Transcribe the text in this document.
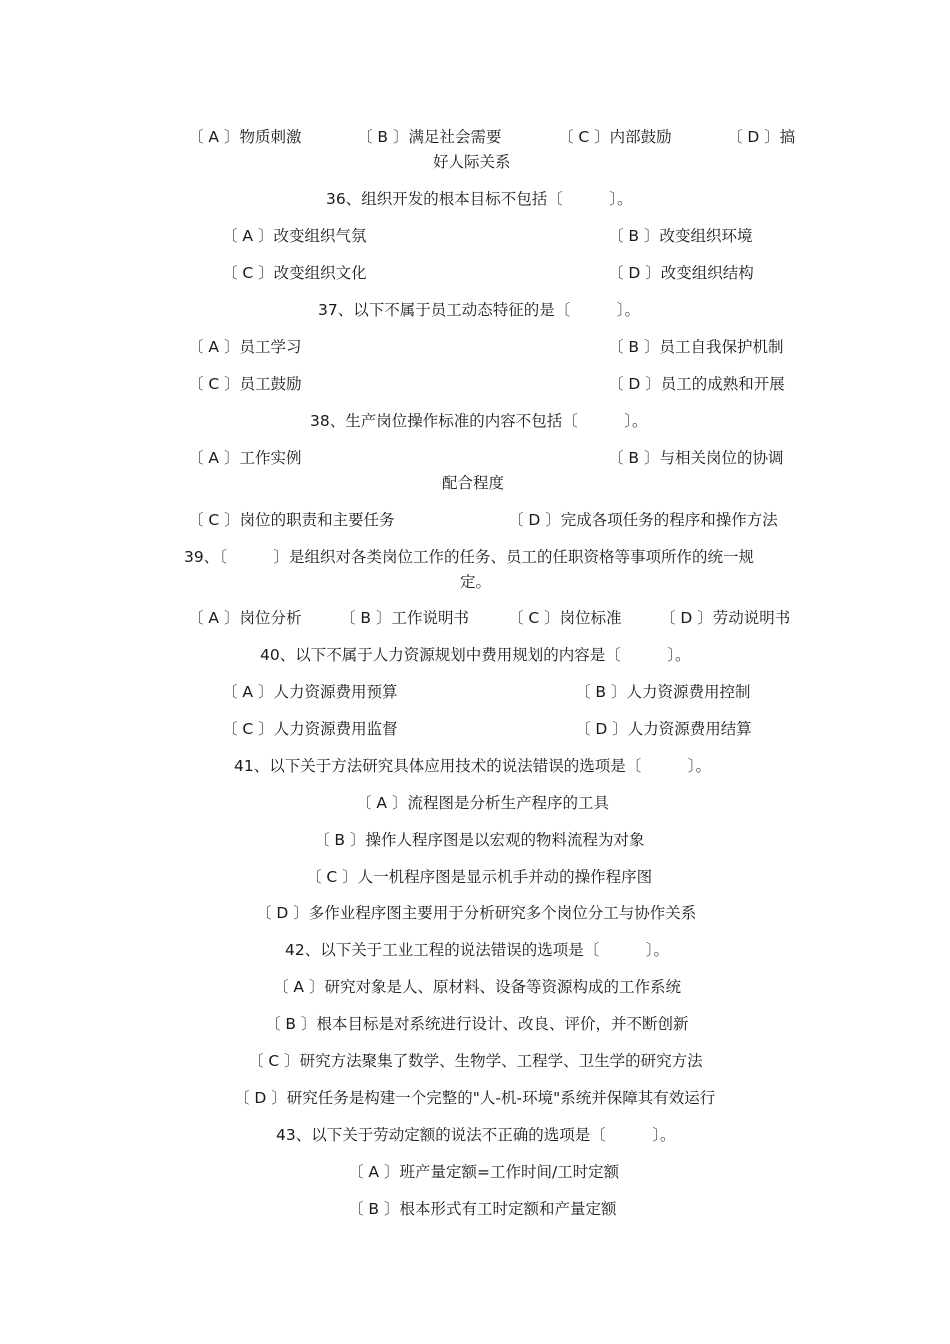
〔 A 〕物质刺激	〔 B 〕满足社会需要	〔 C 〕内部鼓励	〔 D 〕搞
好人际关系
36、组织开发的根本目标不包括〔　　　〕。
〔 A 〕改变组织气氛	〔 B 〕改变组织环境
〔 C 〕改变组织文化	〔 D 〕改变组织结构
37、以下不属于员工动态特征的是〔　　　〕。
〔 A 〕员工学习	〔 B 〕员工自我保护机制
〔 C 〕员工鼓励	〔 D 〕员工的成熟和开展
38、生产岗位操作标准的内容不包括〔　　　〕。
〔 A 〕工作实例	〔 B 〕与相关岗位的协调
配合程度
〔 C 〕岗位的职责和主要任务	〔 D 〕完成各项任务的程序和操作方法
39、〔　　　〕是组织对各类岗位工作的任务、员工的任职资格等事项所作的统一规
定。
〔 A 〕岗位分析 〔 B 〕工作说明书	〔 C 〕岗位标准 〔 D 〕劳动说明书
40、以下不属于人力资源规划中费用规划的内容是〔　　　〕。
〔 A 〕人力资源费用预算	〔 B 〕人力资源费用控制
〔 C 〕人力资源费用监督	〔 D 〕人力资源费用结算
41、以下关于方法研究具体应用技术的说法错误的选项是〔　　　〕。
〔 A 〕流程图是分析生产程序的工具
〔 B 〕操作人程序图是以宏观的物料流程为对象
〔 C 〕人一机程序图是显示机手并动的操作程序图
〔 D 〕多作业程序图主要用于分析研究多个岗位分工与协作关系
42、以下关于工业工程的说法错误的选项是〔　　　〕。
〔 A 〕研究对象是人、原材料、设备等资源构成的工作系统
〔 B 〕根本目标是对系统进行设计、改良、评价，并不断创新
〔 C 〕研究方法聚集了数学、生物学、工程学、卫生学的研究方法
〔 D 〕研究任务是构建一个完整的"人-机-环境"系统并保障其有效运行
43、以下关于劳动定额的说法不正确的选项是〔　　　〕。
〔 A 〕班产量定额=工作时间/工时定额
〔 B 〕根本形式有工时定额和产量定额
